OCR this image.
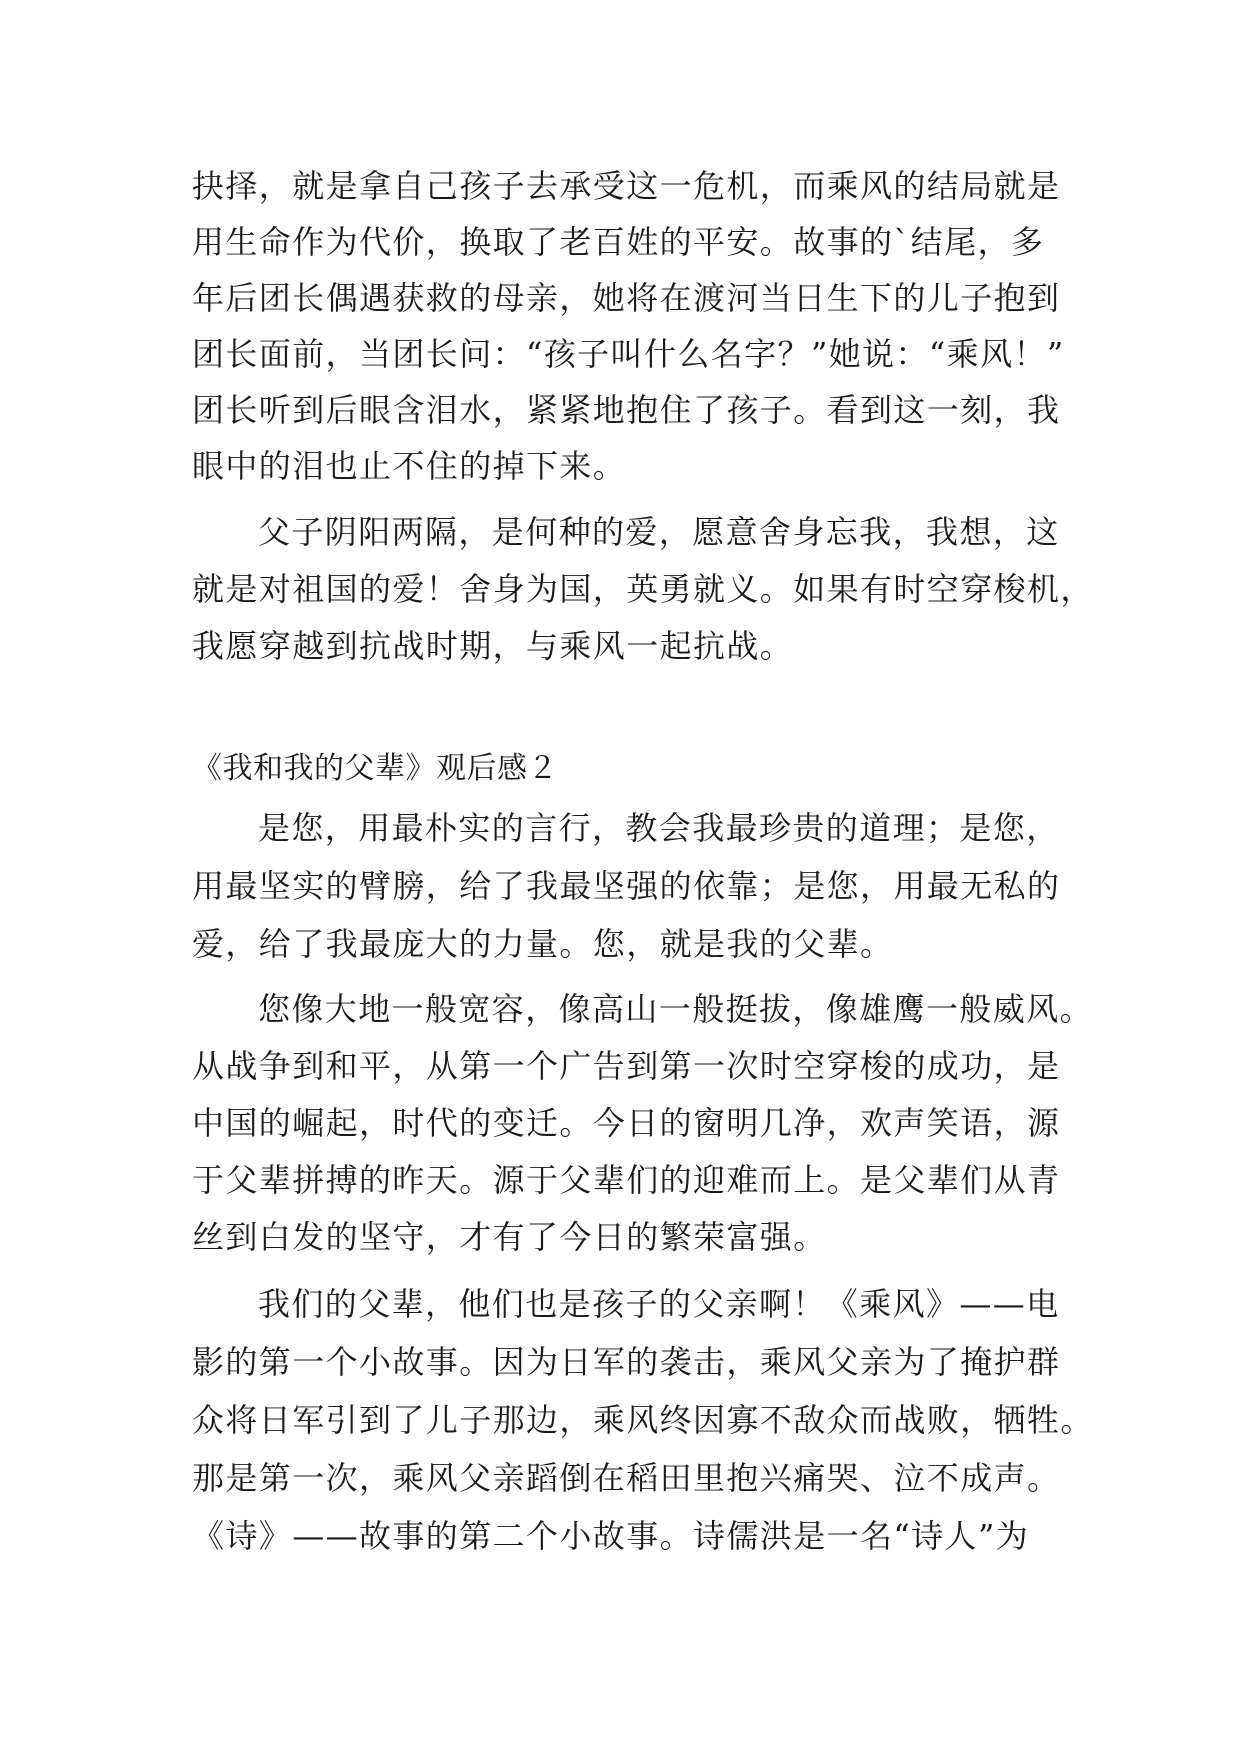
抉择，就是拿自己孩子去承受这一危机，而乘风的结局就是
用生命作为代价，换取了老百姓的平安。故事的`结尾，多
年后团长偶遇获救的母亲，她将在渡河当日生下的儿子抱到
团长面前，当团长问：“孩子叫什么名字？”她说：“乘风！”
团长听到后眼含泪水，紧紧地抱住了孩子。看到这一刻，我
眼中的泪也止不住的掉下来。
父子阴阳两隔，是何种的爱，愿意舍身忘我，我想，这
就是对祖国的爱！舍身为国，英勇就义。如果有时空穿梭机，
我愿穿越到抗战时期，与乘风一起抗战。
《我和我的父辈》观后感２
是您，用最朴实的言行，教会我最珍贵的道理；是您，
用最坚实的臂膀，给了我最坚强的依靠；是您，用最无私的
爱，给了我最庞大的力量。您，就是我的父辈。
您像大地一般宽容，像高山一般挺拔，像雄鹰一般威风。
从战争到和平，从第一个广告到第一次时空穿梭的成功，是
中国的崛起，时代的变迁。今日的窗明几净，欢声笑语，源
于父辈拼搏的昨天。源于父辈们的迎难而上。是父辈们从青
丝到白发的坚守，才有了今日的繁荣富强。
我们的父辈，他们也是孩子的父亲啊！《乘风》——电
影的第一个小故事。因为日军的袭击，乘风父亲为了掩护群
众将日军引到了儿子那边，乘风终因寡不敌众而战败，牺牲。
那是第一次，乘风父亲蹈倒在稻田里抱兴痛哭、泣不成声。
《诗》——故事的第二个小故事。诗儒洪是一名“诗人”为
